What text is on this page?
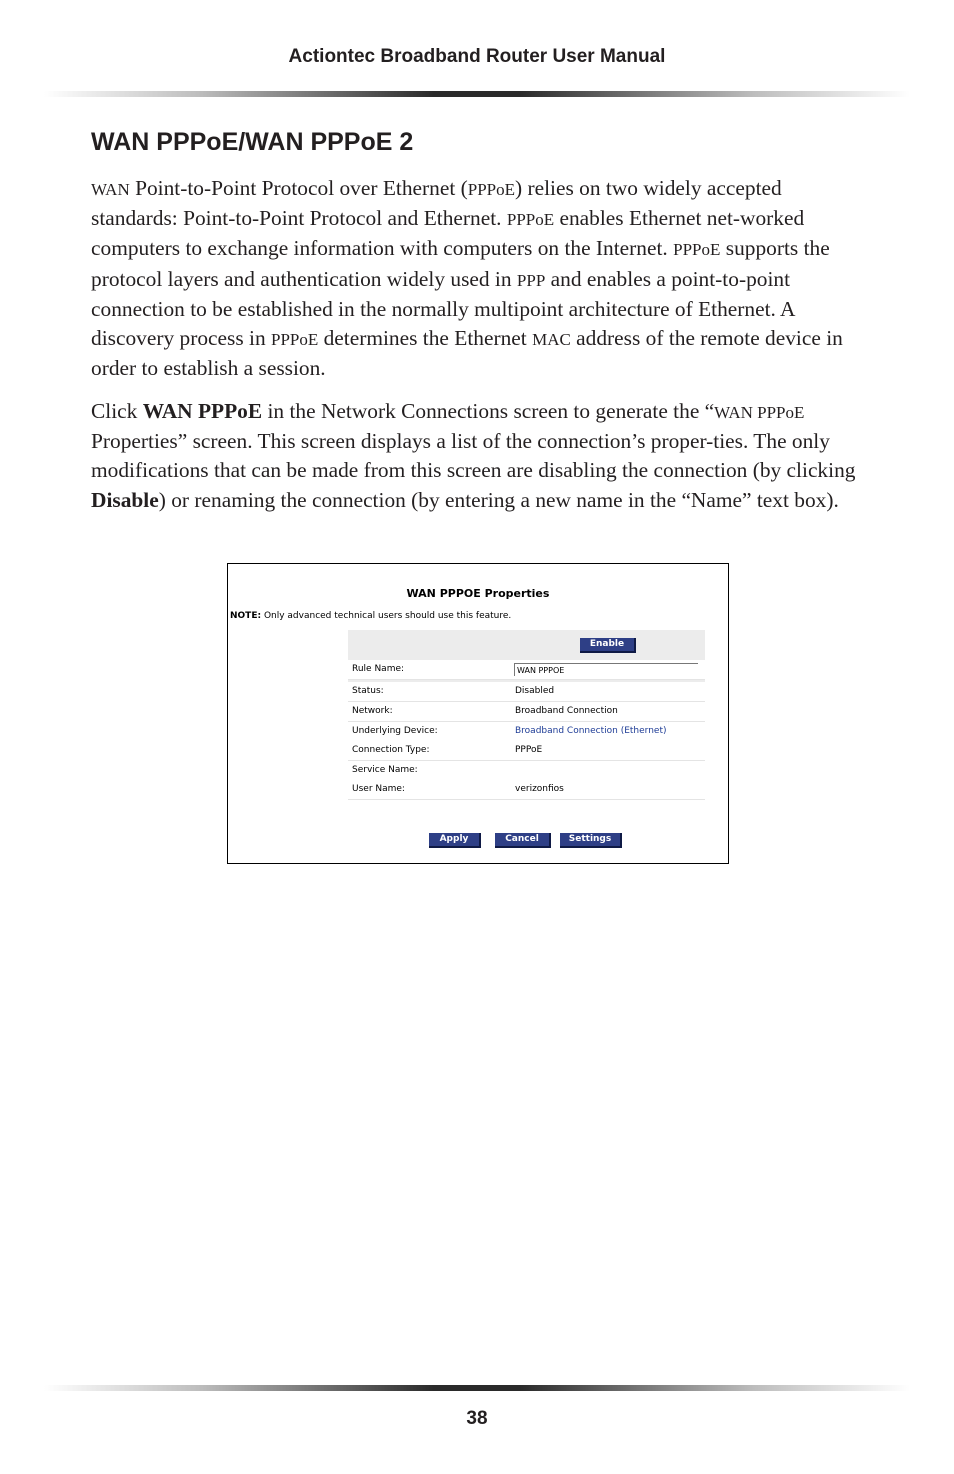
Actiontec Broadband Router User Manual
WAN PPPoE/WAN PPPoE 2

WAN Point-to-Point Protocol over Ethernet (PPPoE) relies on two widely accepted standards: Point-to-Point Protocol and Ethernet. PPPoE enables Ethernet net-worked computers to exchange information with computers on the Internet. PPPoE supports the protocol layers and authentication widely used in PPP and enables a point-to-point connection to be established in the normally multipoint architecture of Ethernet. A discovery process in PPPoE determines the Ethernet MAC address of the remote device in order to establish a session.

Click WAN PPPoE in the Network Connections screen to generate the “WAN PPPoE Properties” screen. This screen displays a list of the connection’s proper-ties. The only modifications that can be made from this screen are disabling the connection (by clicking Disable) or renaming the connection (by entering a new name in the “Name” text box).

WAN PPPOE Properties
NOTE: Only advanced technical users should use this feature.
Enable
Rule Name:
WAN PPPOE
Status:	Disabled
Network:	Broadband Connection
Underlying Device:	Broadband Connection (Ethernet)
Connection Type:	PPPoE
Service Name:
User Name:	verizonfios
Apply	Cancel	Settings
38
